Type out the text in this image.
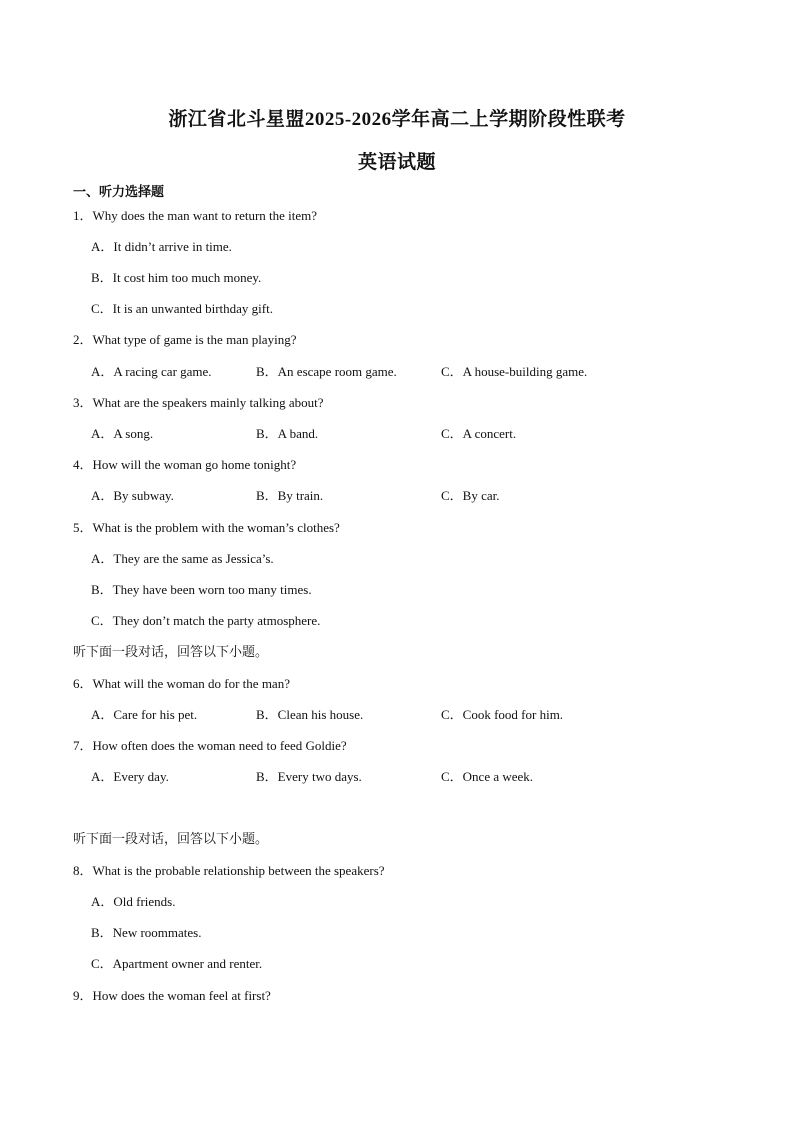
浙江省北斗星盟2025-2026学年高二上学期阶段性联考
英语试题
一、听力选择题
1．Why does the man want to return the item?
A．It didn’t arrive in time.
B．It cost him too much money.
C．It is an unwanted birthday gift.
2．What type of game is the man playing?
A．A racing car game.	B．An escape room game.	C．A house-building game.
3．What are the speakers mainly talking about?
A．A song.	B．A band.	C．A concert.
4．How will the woman go home tonight?
A．By subway.	B．By train.	C．By car.
5．What is the problem with the woman’s clothes?
A．They are the same as Jessica’s.
B．They have been worn too many times.
C．They don’t match the party atmosphere.
听下面一段对话，回答以下小题。
6．What will the woman do for the man?
A．Care for his pet.	B．Clean his house.	C．Cook food for him.
7．How often does the woman need to feed Goldie?
A．Every day.	B．Every two days.	C．Once a week.
听下面一段对话，回答以下小题。
8．What is the probable relationship between the speakers?
A．Old friends.
B．New roommates.
C．Apartment owner and renter.
9．How does the woman feel at first?
